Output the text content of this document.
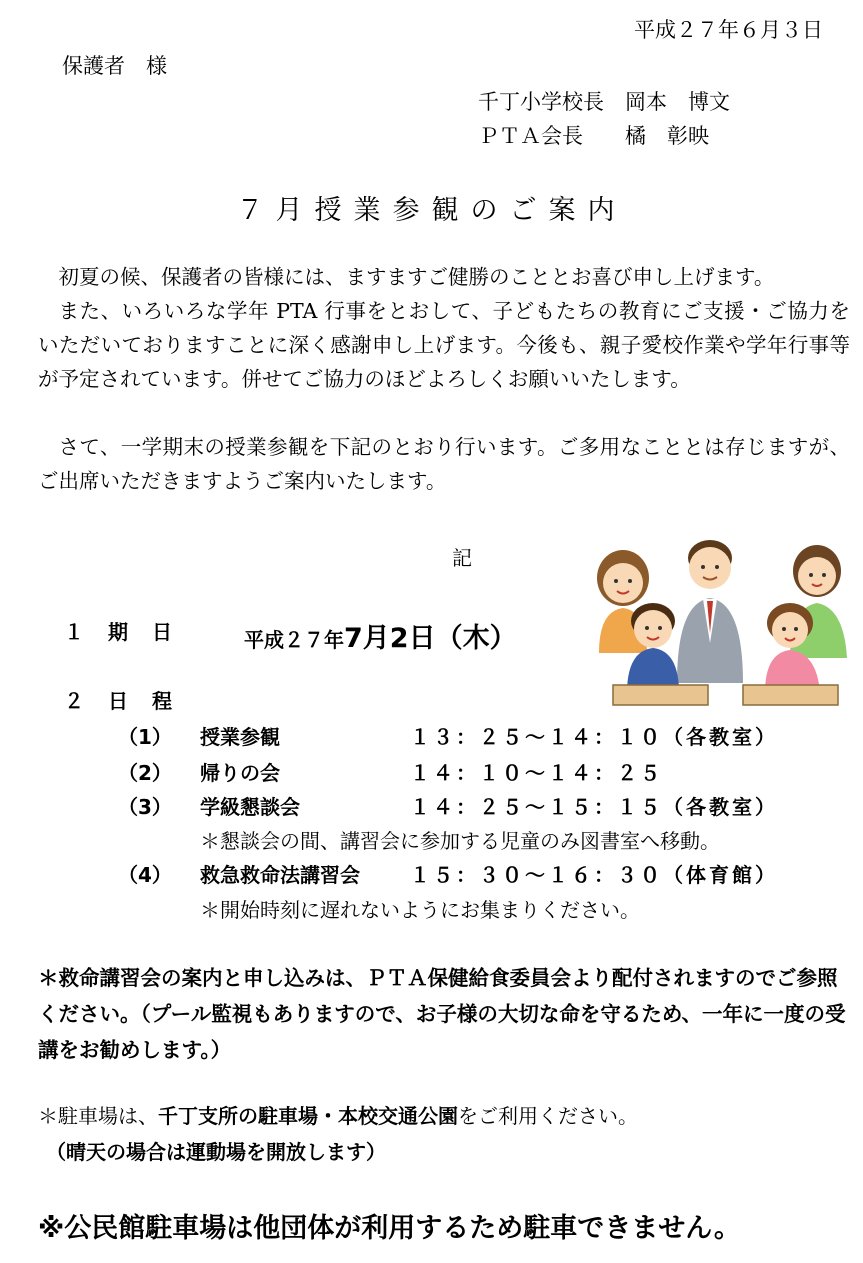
平成２７年６月３日
保護者　様
千丁小学校長　岡本　博文
ＰＴＡ会長　　橘　彰映
７月授業参観のご案内
初夏の候、保護者の皆様には、ますますご健勝のこととお喜び申し上げます。
また、いろいろな学年 PTA 行事をとおして、子どもたちの教育にご支援・ご協力をいただいておりますことに深く感謝申し上げます。今後も、親子愛校作業や学年行事等が予定されています。併せてご協力のほどよろしくお願いいたします。
さて、一学期末の授業参観を下記のとおり行います。ご多用なこととは存じますが、ご出席いただきますようご案内いたします。
記
１　期　日	平成２７年7月2日（木）
２　日　程
（1） 授業参観	１３：２５～１４：１０（各教室）
（2） 帰りの会	１４：１０～１４：２５
（3） 学級懇談会	１４：２５～１５：１５（各教室）
＊懇談会の間、講習会に参加する児童のみ図書室へ移動。
（4） 救急救命法講習会	１５：３０～１６：３０（体育館）
＊開始時刻に遅れないようにお集まりください。
＊救命講習会の案内と申し込みは、ＰＴＡ保健給食委員会より配付されますのでご参照ください。（プール監視もありますので、お子様の大切な命を守るため、一年に一度の受講をお勧めします。）
＊駐車場は、千丁支所の駐車場・本校交通公園をご利用ください。
（晴天の場合は運動場を開放します）
※公民館駐車場は他団体が利用するため駐車できません。
